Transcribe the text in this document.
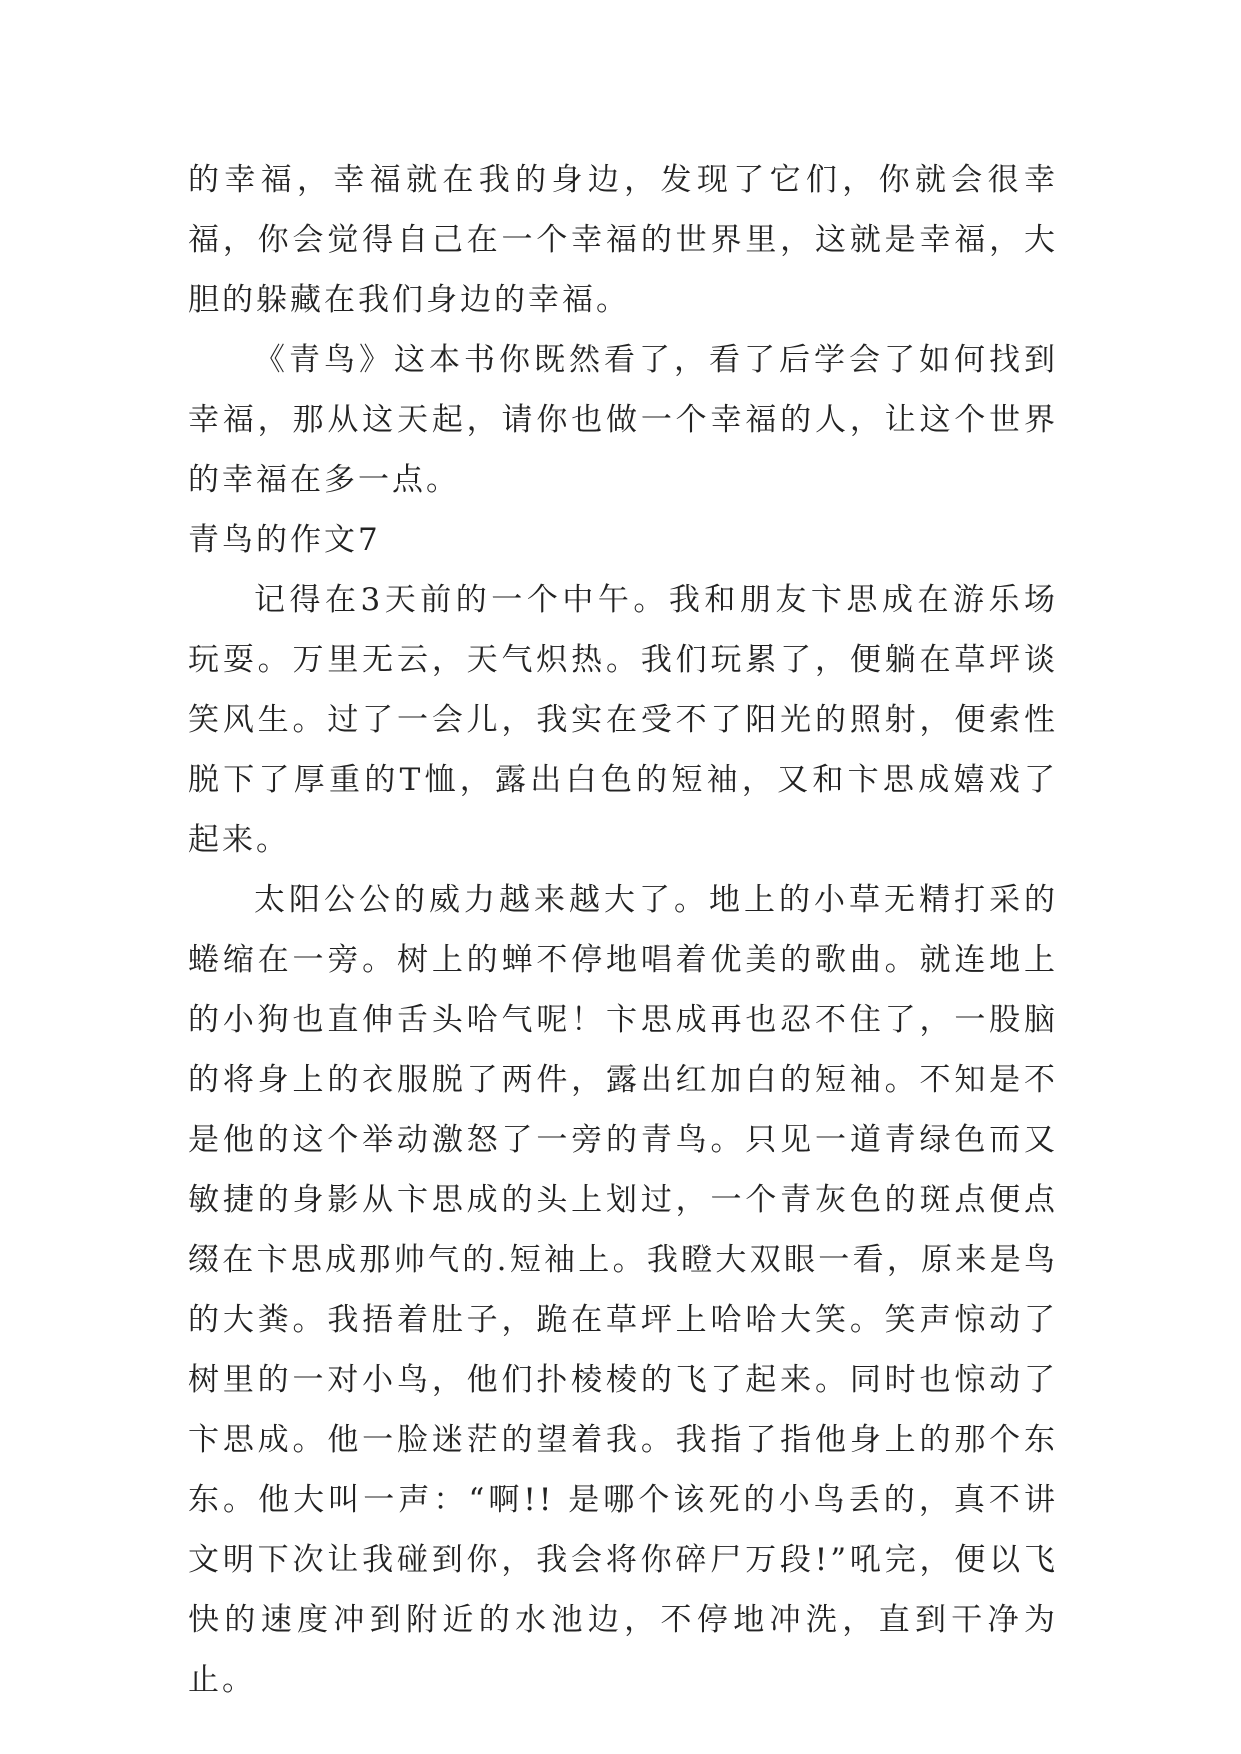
的幸福，幸福就在我的身边，发现了它们，你就会很幸福，你会觉得自己在一个幸福的世界里，这就是幸福，大胆的躲藏在我们身边的幸福。

《青鸟》这本书你既然看了，看了后学会了如何找到幸福，那从这天起，请你也做一个幸福的人，让这个世界的幸福在多一点。

青鸟的作文7

记得在3天前的一个中午。我和朋友卞思成在游乐场玩耍。万里无云，天气炽热。我们玩累了，便躺在草坪谈笑风生。过了一会儿，我实在受不了阳光的照射，便索性脱下了厚重的T恤，露出白色的短袖，又和卞思成嬉戏了起来。

太阳公公的威力越来越大了。地上的小草无精打采的蜷缩在一旁。树上的蝉不停地唱着优美的歌曲。就连地上的小狗也直伸舌头哈气呢！卞思成再也忍不住了，一股脑的将身上的衣服脱了两件，露出红加白的短袖。不知是不是他的这个举动激怒了一旁的青鸟。只见一道青绿色而又敏捷的身影从卞思成的头上划过，一个青灰色的斑点便点缀在卞思成那帅气的.短袖上。我瞪大双眼一看，原来是鸟的大粪。我捂着肚子，跪在草坪上哈哈大笑。笑声惊动了树里的一对小鸟，他们扑棱棱的飞了起来。同时也惊动了卞思成。他一脸迷茫的望着我。我指了指他身上的那个东东。他大叫一声：“啊!! 是哪个该死的小鸟丢的，真不讲文明下次让我碰到你，我会将你碎尸万段!”吼完，便以飞快的速度冲到附近的水池边，不停地冲洗，直到干净为止。
